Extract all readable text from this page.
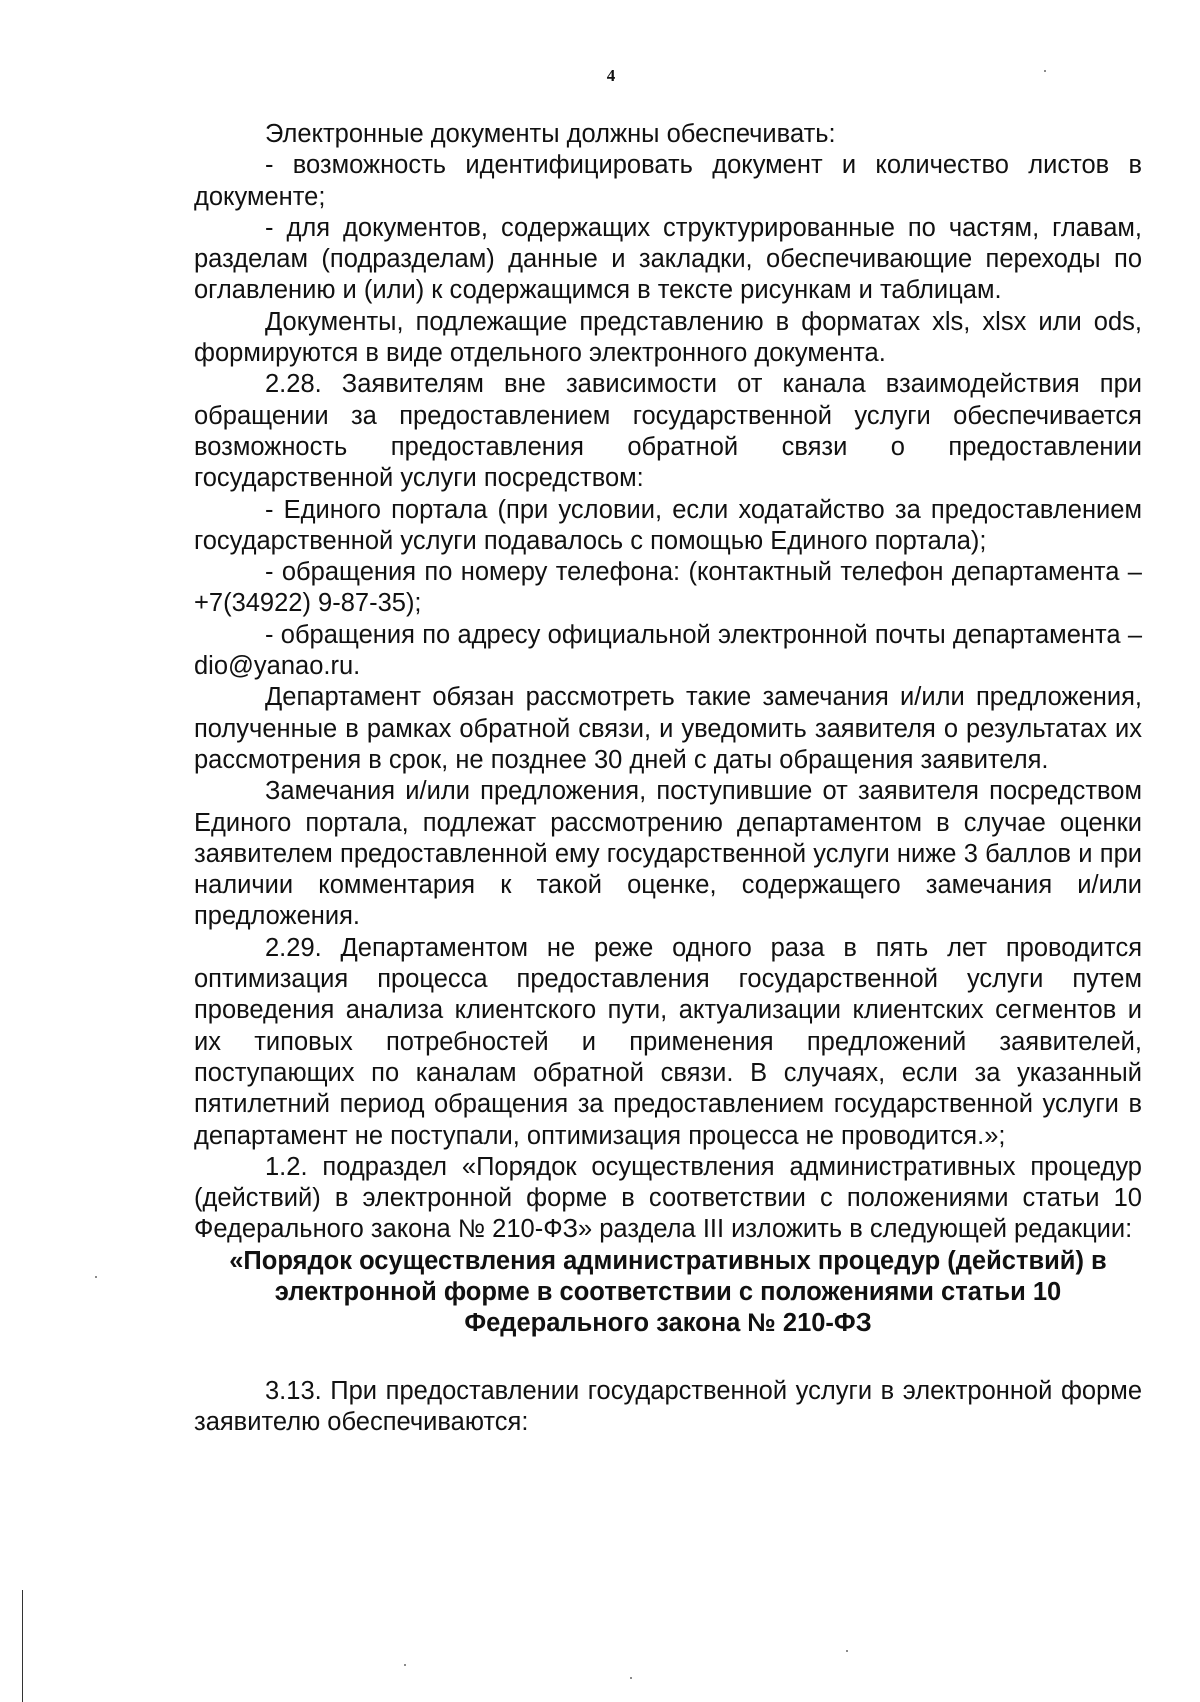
4

Электронные документы должны обеспечивать:

- возможность идентифицировать документ и количество листов в документе;

- для документов, содержащих структурированные по частям, главам, разделам (подразделам) данные и закладки, обеспечивающие переходы по оглавлению и (или) к содержащимся в тексте рисункам и таблицам.

Документы, подлежащие представлению в форматах xls, xlsx или ods, формируются в виде отдельного электронного документа.

2.28. Заявителям вне зависимости от канала взаимодействия при обращении за предоставлением государственной услуги обеспечивается возможность предоставления обратной связи о предоставлении государственной услуги посредством:

- Единого портала (при условии, если ходатайство за предоставлением государственной услуги подавалось с помощью Единого портала);

- обращения по номеру телефона: (контактный телефон департамента – +7(34922) 9-87-35);

- обращения по адресу официальной электронной почты департамента – dio@yanao.ru.

Департамент обязан рассмотреть такие замечания и/или предложения, полученные в рамках обратной связи, и уведомить заявителя о результатах их рассмотрения в срок, не позднее 30 дней с даты обращения заявителя.

Замечания и/или предложения, поступившие от заявителя посредством Единого портала, подлежат рассмотрению департаментом в случае оценки заявителем предоставленной ему государственной услуги ниже 3 баллов и при наличии комментария к такой оценке, содержащего замечания и/или предложения.

2.29. Департаментом не реже одного раза в пять лет проводится оптимизация процесса предоставления государственной услуги путем проведения анализа клиентского пути, актуализации клиентских сегментов и их типовых потребностей и применения предложений заявителей, поступающих по каналам обратной связи. В случаях, если за указанный пятилетний период обращения за предоставлением государственной услуги в департамент не поступали, оптимизация процесса не проводится.»;

1.2. подраздел «Порядок осуществления административных процедур (действий) в электронной форме в соответствии с положениями статьи 10 Федерального закона № 210-ФЗ» раздела III изложить в следующей редакции:

«Порядок осуществления административных процедур (действий) в электронной форме в соответствии с положениями статьи 10 Федерального закона № 210-ФЗ

3.13. При предоставлении государственной услуги в электронной форме заявителю обеспечиваются:
